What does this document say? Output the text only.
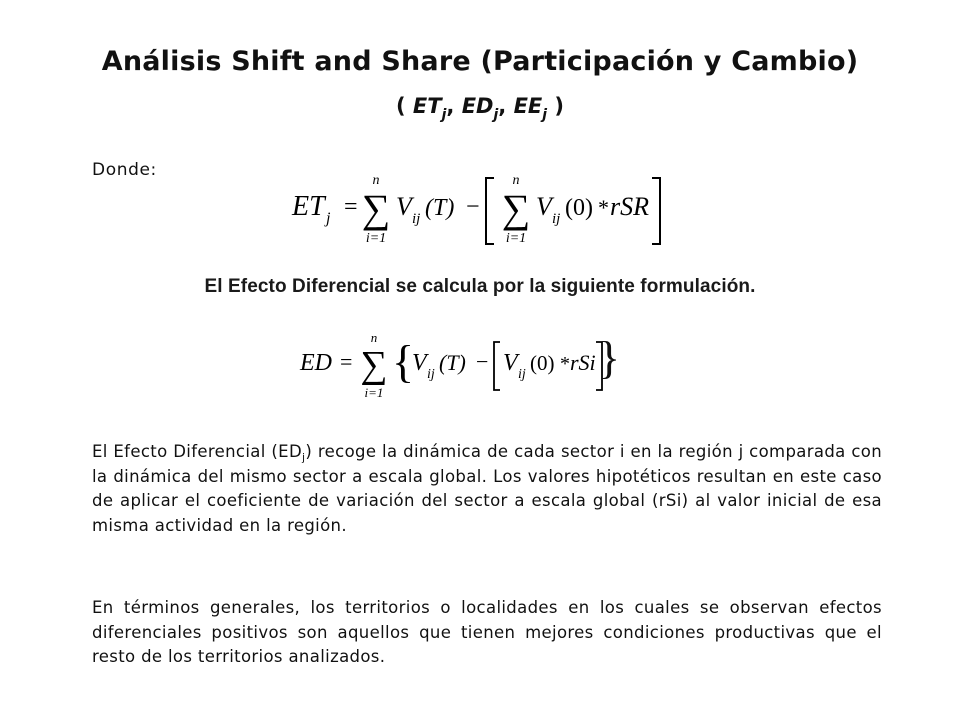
Análisis Shift and Share (Participación y Cambio)
( $ET_j$, $ED_j$, $EE_j$ )
Donde:
ET j =
n
∑
i=1
V ij (T) −
n
∑
i=1
V ij (0) * rSR
El Efecto Diferencial se calcula por la siguiente formulación.
ED =
n
∑
i=1
{
V ij (T) − V ij (0) * rSi }
El Efecto Diferencial $(ED_j)$ recoge la dinámica de cada sector i en la región j comparada con la dinámica del mismo sector a escala global. Los valores hipotéticos resultan en este caso de aplicar el coeficiente de variación del sector a escala global (rSi) al valor inicial de esa misma actividad en la región.
En términos generales, los territorios o localidades en los cuales se observan efectos diferenciales positivos son aquellos que tienen mejores condiciones productivas que el resto de los territorios analizados.
